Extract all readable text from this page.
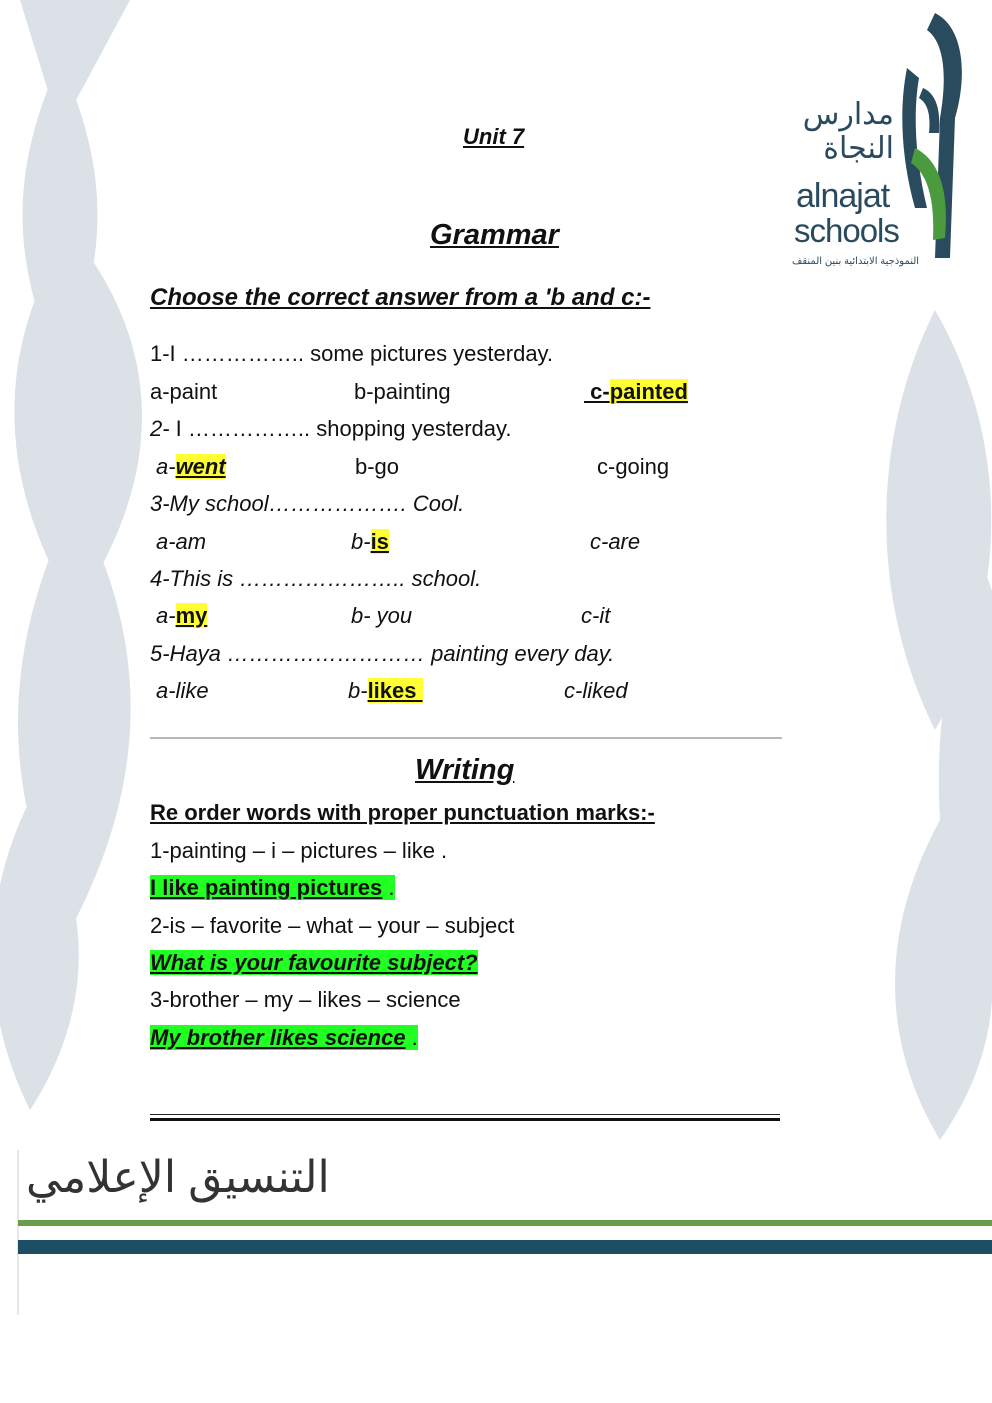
مدارس النجاة
alnajat
schools
النموذجية الابتدائية بنين المنقف
Unit 7
Grammar
Choose the correct answer from a 'b and c:-
1-I …………….. some pictures yesterday.
a-paint	b-painting	c-painted
2- I …………….. shopping yesterday.
a-went	b-go	c-going
3-My school………………. Cool.
a-am	b-is	c-are
4-This is ………………….. school.
a-my	b- you	c-it
5-Haya ……………………… painting every day.
a-like	b-likes	c-liked
Writing
Re order words with proper punctuation marks:-
1-painting – i – pictures – like .
I like painting pictures .
2-is – favorite – what – your – subject
What is your favourite subject?
3-brother – my – likes – science
My brother likes science .
التنسيق الإعلامي
